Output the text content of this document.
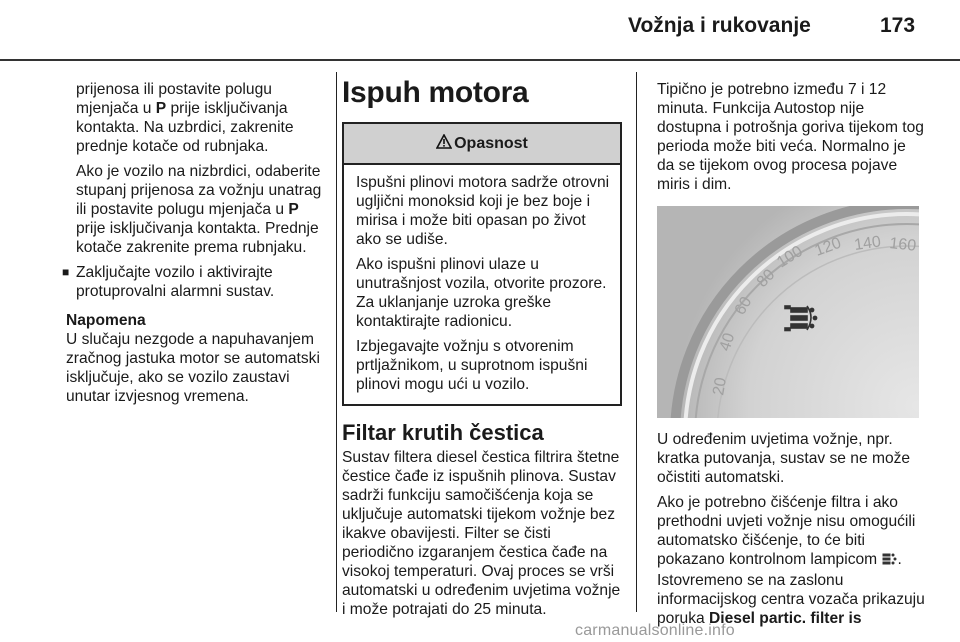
Vožnja i rukovanje	173

prijenosa ili postavite polugu
mjenjača u P prije isključivanja
kontakta. Na uzbrdici, zakrenite
prednje kotače od rubnjaka.

Ako je vozilo na nizbrdici, odaberite stupanj prijenosa za vožnju unatrag ili postavite polugu mjenjača u P prije isključivanja kontakta. Prednje kotače zakrenite prema rubnjaku.

■ Zaključajte vozilo i aktivirajte protuprovalni alarmni sustav.
Napomena
U slučaju nezgode a napuhavanjem zračnog jastuka motor se automatski isključuje, ako se vozilo zaustavi unutar izvjesnog vremena.
Ispuh motora
Opasnost

Ispušni plinovi motora sadrže otrovni ugljični monoksid koji je bez boje i mirisa i može biti opasan po život ako se udiše.

Ako ispušni plinovi ulaze u unutrašnjost vozila, otvorite prozore. Za uklanjanje uzroka greške kontaktirajte radionicu.

Izbjegavajte vožnju s otvorenim prtljažnikom, u suprotnom ispušni plinovi mogu ući u vozilo.

Filtar krutih čestica

Sustav filtera diesel čestica filtrira štetne čestice čađe iz ispušnih plinova. Sustav sadrži funkciju samočišćenja koja se uključuje automatski tijekom vožnje bez ikakve obavijesti. Filter se čisti periodično izgaranjem čestica čađe na visokoj temperaturi. Ovaj proces se vrši automatski u određenim uvjetima vožnje i može potrajati do 25 minuta.

Tipično je potrebno između 7 i 12 minuta. Funkcija Autostop nije dostupna i potrošnja goriva tijekom tog perioda može biti veća. Normalno je da se tijekom ovog procesa pojave miris i dim.

20
40
60
80
100 120 140 160

U određenim uvjetima vožnje, npr. kratka putovanja, sustav se ne može očistiti automatski.

Ako je potrebno čišćenje filtra i ako prethodni uvjeti vožnje nisu omogućili automatsko čišćenje, to će biti pokazano kontrolnom lampicom .

Istovremeno se na zaslonu informacijskog centra vozača prikazuju poruka Diesel partic. filter is

carmanualsonline.info
